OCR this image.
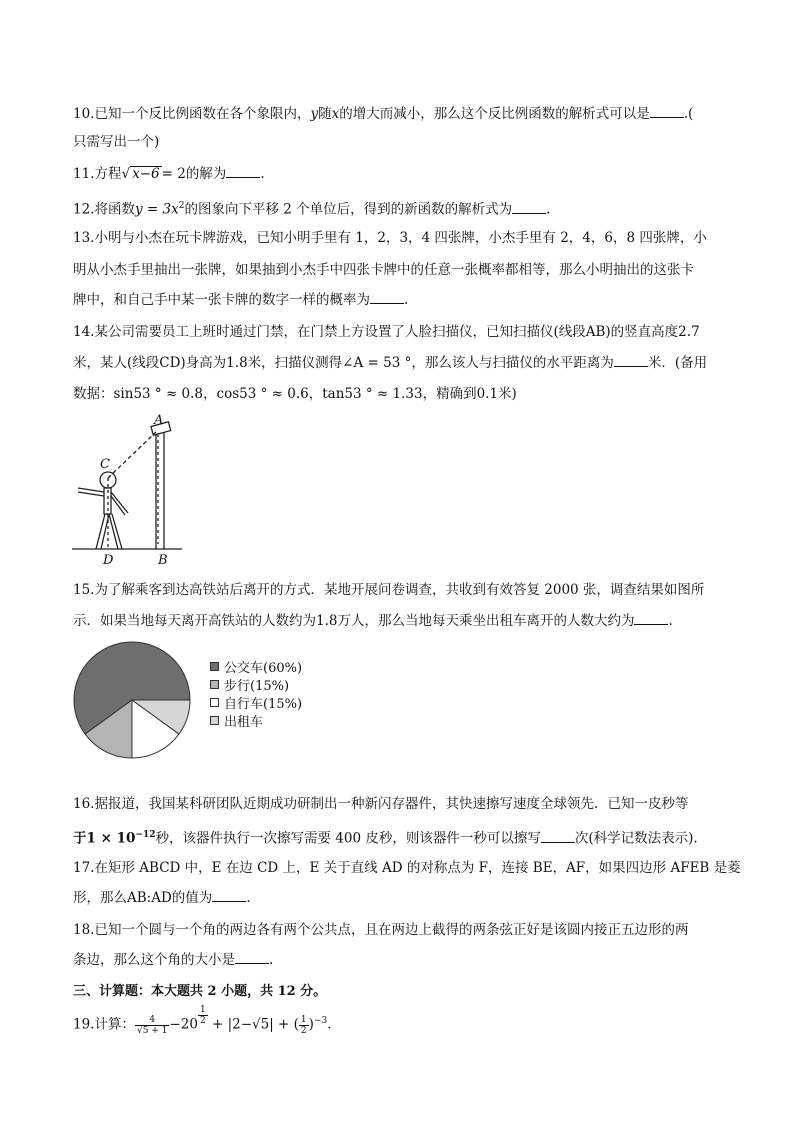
10.已知一个反比例函数在各个象限内，y随x的增大而减小，那么这个反比例函数的解析式可以是	.(
只需写出一个)
11.方程√ x−6 = 2的解为	.
12.将函数$y = 3x^2$的图象向下平移 2 个单位后，得到的新函数的解析式为	.
13.小明与小杰在玩卡牌游戏，已知小明手里有 1，2，3，4 四张牌，小杰手里有 2，4，6，8 四张牌，小
明从小杰手里抽出一张牌，如果抽到小杰手中四张卡牌中的任意一张概率都相等，那么小明抽出的这张卡
牌中，和自己手中某一张卡牌的数字一样的概率为	.
14.某公司需要员工上班时通过门禁，在门禁上方设置了人脸扫描仪，已知扫描仪(线段AB)的竖直高度2.7
米，某人(线段CD)身高为1.8米，扫描仪测得∠A = 53 °，那么该人与扫描仪的水平距离为	米．(备用
数据：sin53 ° ≈ 0.8，cos53 ° ≈ 0.6，tan53 ° ≈ 1.33，精确到0.1米)
A
B
C
D
15.为了解乘客到达高铁站后离开的方式．某地开展问卷调查，共收到有效答复 2000 张，调查结果如图所
示．如果当地每天离开高铁站的人数约为1.8万人，那么当地每天乘坐出租车离开的人数大约为	.
公交车(60%)
步行(15%)
自行车(15%)
出租车
16.据报道，我国某科研团队近期成功研制出一种新闪存器件，其快速擦写速度全球领先．已知一皮秒等
于$1 \times 10^{-12}$秒，该器件执行一次擦写需要 400 皮秒，则该器件一秒可以擦写	次(科学记数法表示).
17.在矩形 ABCD 中，E 在边 CD 上，E 关于直线 AD 的对称点为 F，连接 BE，AF，如果四边形 AFEB 是菱
形，那么AB:AD的值为	.
18.已知一个圆与一个角的两边各有两个公共点，且在两边上截得的两条弦正好是该圆内接正五边形的两
条边，那么这个角的大小是	.
三、计算题：本大题共 2 小题，共 12 分。
19.计算： $\frac{4}{√5 + 1} -20$ $^{\frac{1}{2}}$ + |2−√5| + ( $\frac{1}{2} )^{-3}$.
